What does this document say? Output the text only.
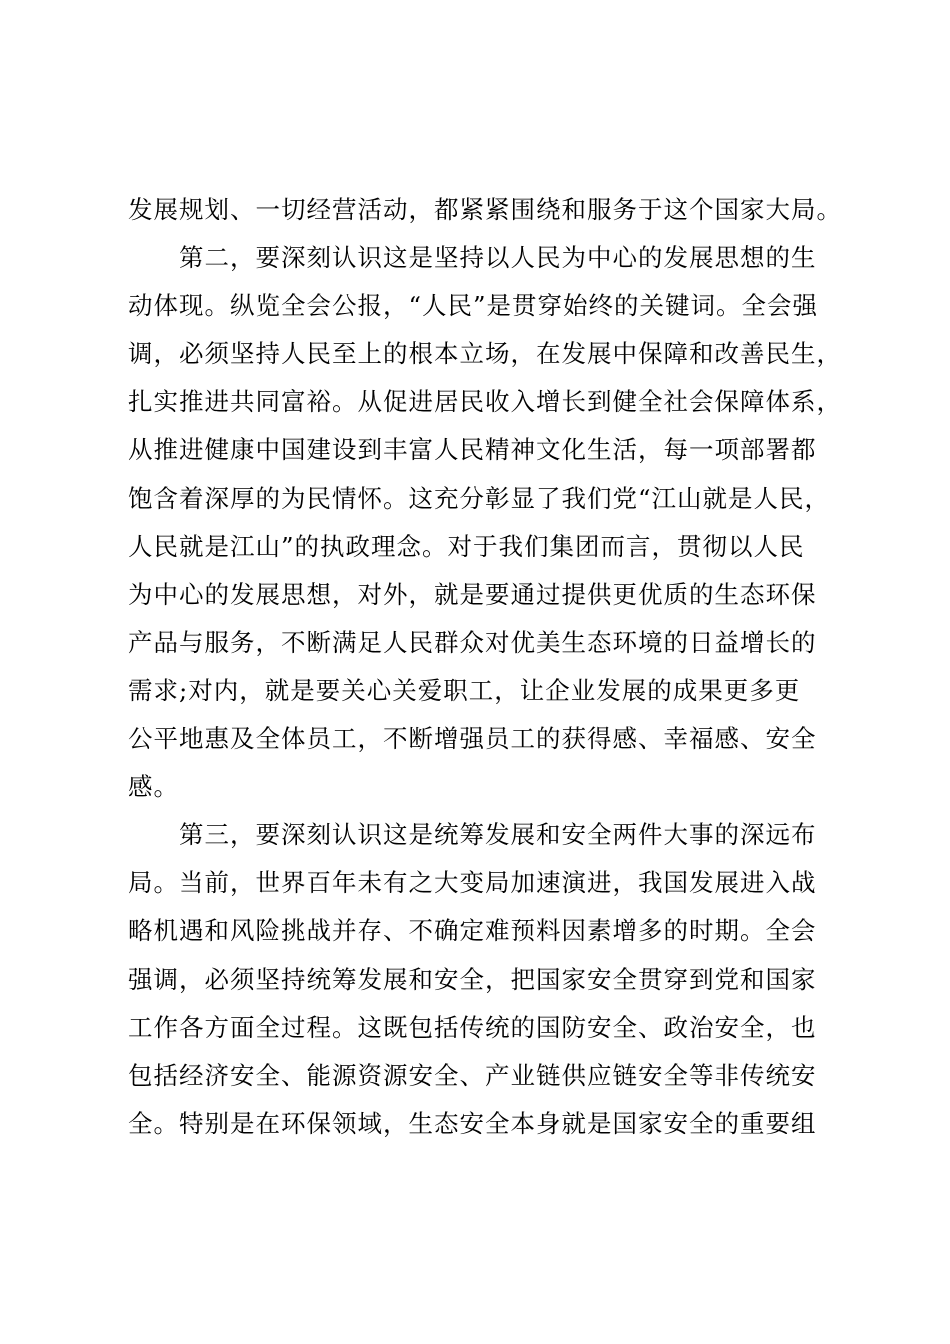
发展规划、一切经营活动，都紧紧围绕和服务于这个国家大局。
第二，要深刻认识这是坚持以人民为中心的发展思想的生
动体现。纵览全会公报，“人民”是贯穿始终的关键词。全会强
调，必须坚持人民至上的根本立场，在发展中保障和改善民生，
扎实推进共同富裕。从促进居民收入增长到健全社会保障体系，
从推进健康中国建设到丰富人民精神文化生活，每一项部署都
饱含着深厚的为民情怀。这充分彰显了我们党“江山就是人民，
人民就是江山”的执政理念。对于我们集团而言，贯彻以人民
为中心的发展思想，对外，就是要通过提供更优质的生态环保
产品与服务，不断满足人民群众对优美生态环境的日益增长的
需求;对内，就是要关心关爱职工，让企业发展的成果更多更
公平地惠及全体员工，不断增强员工的获得感、幸福感、安全
感。
第三，要深刻认识这是统筹发展和安全两件大事的深远布
局。当前，世界百年未有之大变局加速演进，我国发展进入战
略机遇和风险挑战并存、不确定难预料因素增多的时期。全会
强调，必须坚持统筹发展和安全，把国家安全贯穿到党和国家
工作各方面全过程。这既包括传统的国防安全、政治安全，也
包括经济安全、能源资源安全、产业链供应链安全等非传统安
全。特别是在环保领域，生态安全本身就是国家安全的重要组
